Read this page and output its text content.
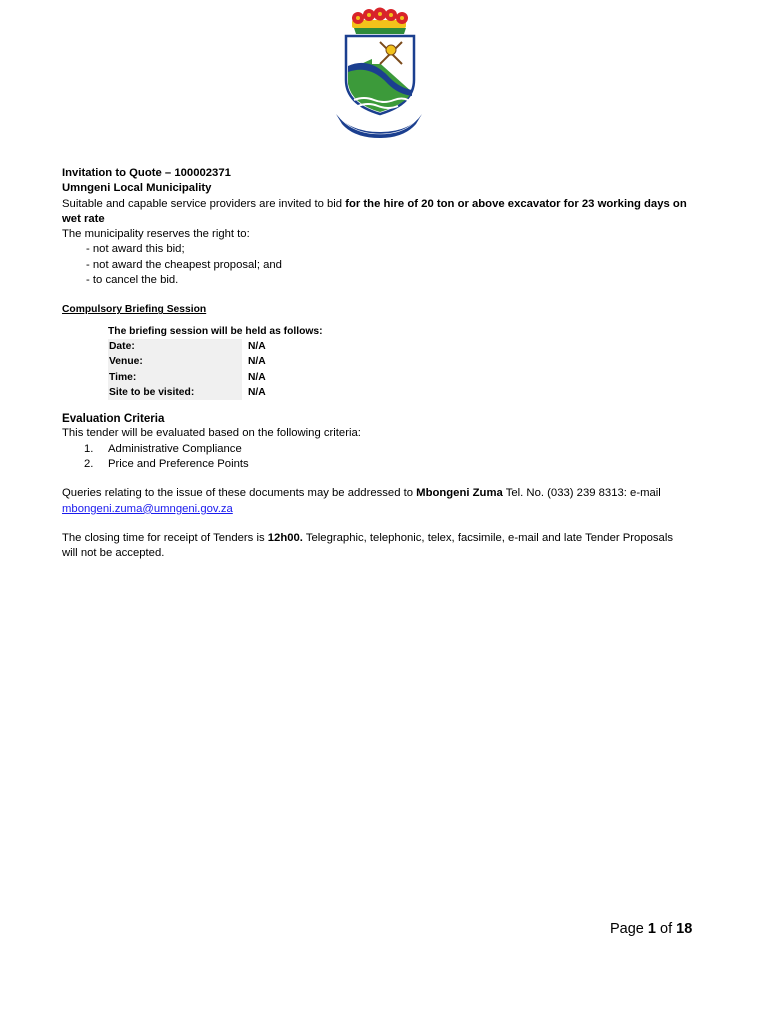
Invitation to Quote – 100002371
Umngeni Local Municipality
Suitable and capable service providers are invited to bid for the hire of 20 ton or above excavator for 23 working days on wet rate
The municipality reserves the right to:
- not award this bid;
- not award the cheapest proposal; and
- to cancel the bid.
Compulsory Briefing Session
The briefing session will be held as follows:
Date:	N/A
Venue:	N/A
Time:	N/A
Site to be visited:	N/A
Evaluation Criteria
This tender will be evaluated based on the following criteria:
1.	Administrative Compliance
2.	Price and Preference Points
Queries relating to the issue of these documents may be addressed to Mbongeni Zuma Tel. No. (033) 239 8313: e-mail
mbongeni.zuma@umngeni.gov.za
The closing time for receipt of Tenders is 12h00. Telegraphic, telephonic, telex, facsimile, e-mail and late Tender Proposals
will not be accepted.
Page 1 of 18
